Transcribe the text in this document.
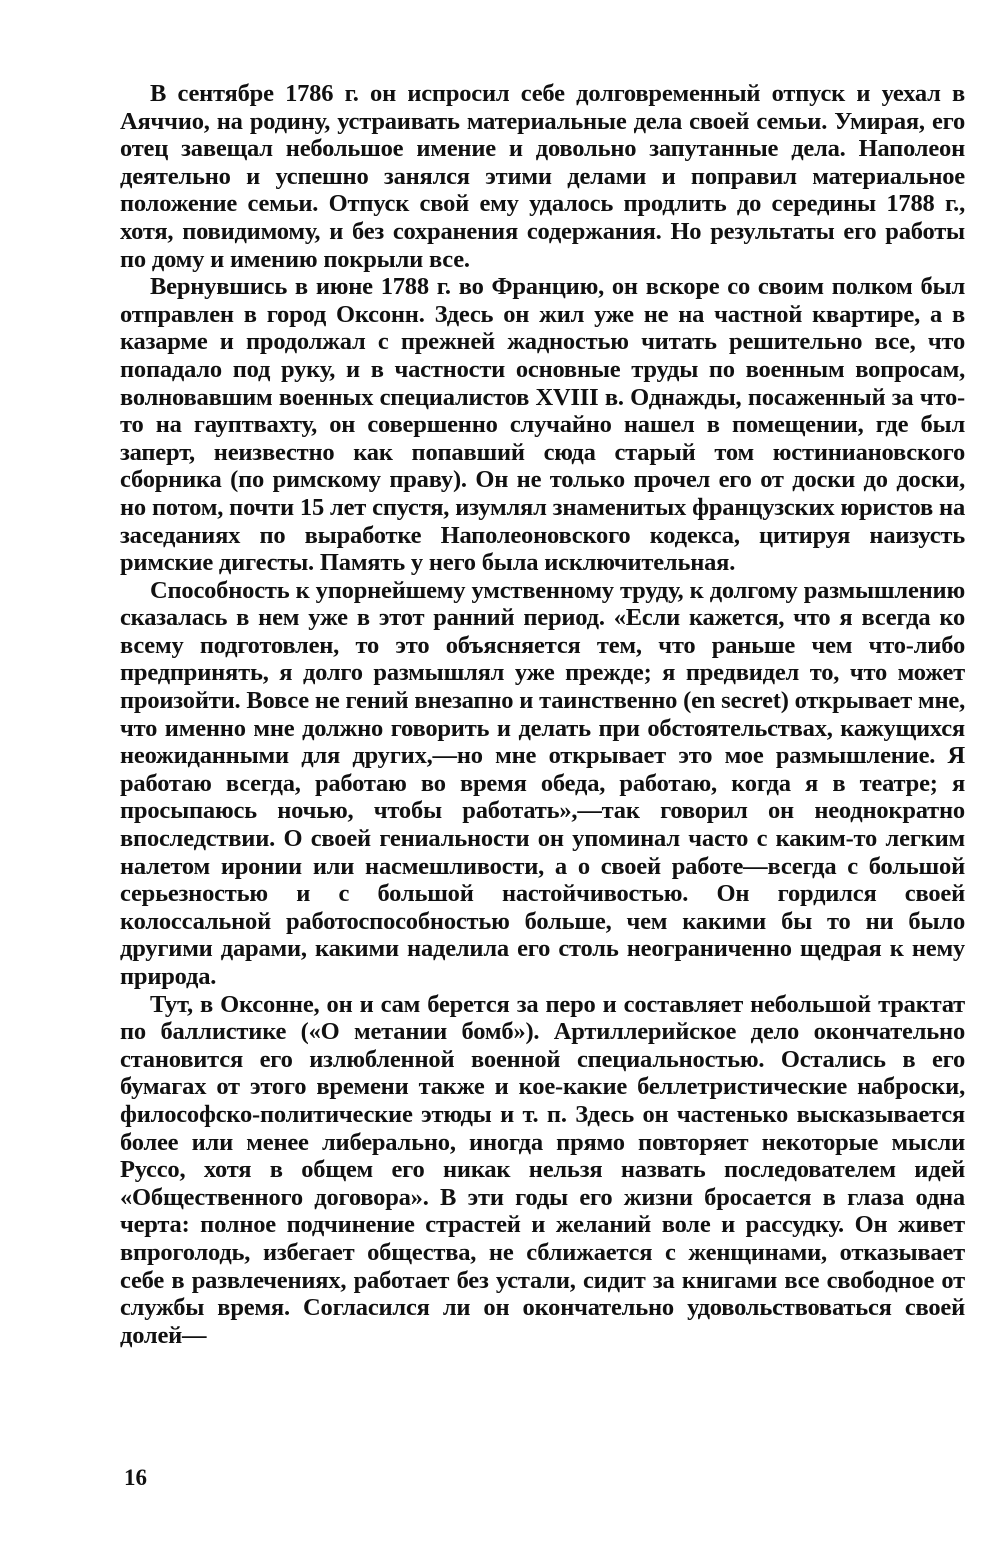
В сентябре 1786 г. он испросил себе долговременный отпуск и уехал в Аяччио, на родину, устраивать материальные дела своей семьи. Умирая, его отец завещал небольшое имение и довольно запутанные дела. Наполеон деятельно и успешно занялся этими делами и поправил материальное положение семьи. Отпуск свой ему удалось продлить до середины 1788 г., хотя, повидимому, и без сохранения содержания. Но результаты его работы по дому и имению покрыли все.

Вернувшись в июне 1788 г. во Францию, он вскоре со своим полком был отправлен в город Оксонн. Здесь он жил уже не на частной квартире, а в казарме и продолжал с прежней жадностью читать решительно все, что попадало под руку, и в частности основные труды по военным вопросам, волновавшим военных специалистов XVIII в. Однажды, посаженный за что-то на гауптвахту, он совершенно случайно нашел в помещении, где был заперт, неизвестно как попавший сюда старый том юстиниановского сборника (по римскому праву). Он не только прочел его от доски до доски, но потом, почти 15 лет спустя, изумлял знаменитых французских юристов на заседаниях по выработке Наполеоновского кодекса, цитируя наизусть римские дигесты. Память у него была исключительная.

Способность к упорнейшему умственному труду, к долгому размышлению сказалась в нем уже в этот ранний период. «Если кажется, что я всегда ко всему подготовлен, то это объясняется тем, что раньше чем что-либо предпринять, я долго размышлял уже прежде; я предвидел то, что может произойти. Вовсе не гений внезапно и таинственно (en secret) открывает мне, что именно мне должно говорить и делать при обстоятельствах, кажущихся неожиданными для других,—но мне открывает это мое размышление. Я работаю всегда, работаю во время обеда, работаю, когда я в театре; я просыпаюсь ночью, чтобы работать»,—так говорил он неоднократно впоследствии. О своей гениальности он упоминал часто с каким-то легким налетом иронии или насмешливости, а о своей работе—всегда с большой серьезностью и с большой настойчивостью. Он гордился своей колоссальной работоспособностью больше, чем какими бы то ни было другими дарами, какими наделила его столь неограниченно щедрая к нему природа.

Тут, в Оксонне, он и сам берется за перо и составляет небольшой трактат по баллистике («О метании бомб»). Артиллерийское дело окончательно становится его излюбленной военной специальностью. Остались в его бумагах от этого времени также и кое-какие беллетристические наброски, философско-политические этюды и т. п. Здесь он частенько высказывается более или менее либерально, иногда прямо повторяет некоторые мысли Руссо, хотя в общем его никак нельзя назвать последователем идей «Общественного договора». В эти годы его жизни бросается в глаза одна черта: полное подчинение страстей и желаний воле и рассудку. Он живет впроголодь, избегает общества, не сближается с женщинами, отказывает себе в развлечениях, работает без устали, сидит за книгами все свободное от службы время. Согласился ли он окончательно удовольствоваться своей долей—

16
